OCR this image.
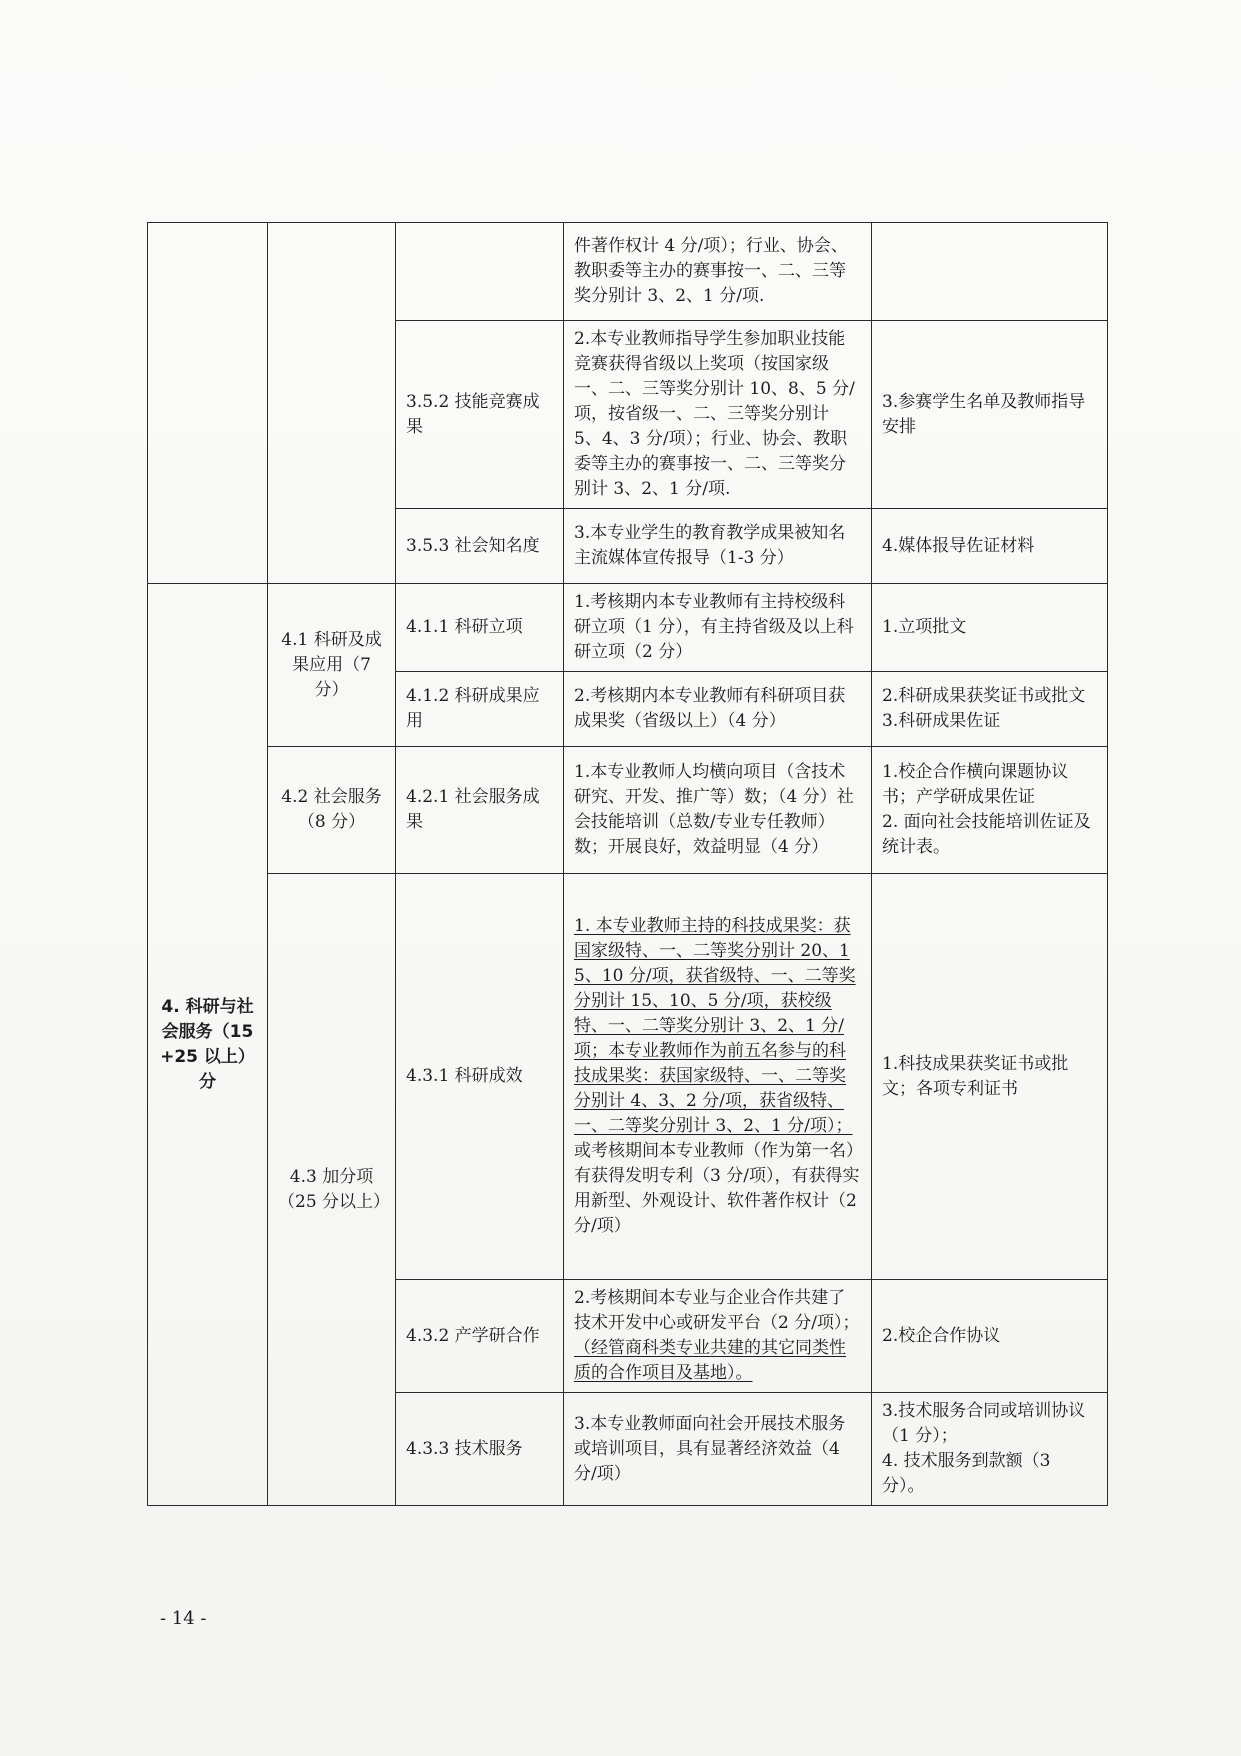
			件著作权计 4 分/项）；行业、协会、教职委等主办的赛事按一、二、三等奖分别计 3、2、1 分/项.	
		3.5.2 技能竞赛成果	2.本专业教师指导学生参加职业技能竞赛获得省级以上奖项（按国家级一、二、三等奖分别计 10、8、5 分/项，按省级一、二、三等奖分别计 5、4、3 分/项）；行业、协会、教职委等主办的赛事按一、二、三等奖分别计 3、2、1 分/项.	3.参赛学生名单及教师指导安排
		3.5.3 社会知名度	3.本专业学生的教育教学成果被知名主流媒体宣传报导（1-3 分）	4.媒体报导佐证材料
4. 科研与社会服务（15+25 以上）分	4.1 科研及成果应用（7 分）	4.1.1 科研立项	1.考核期内本专业教师有主持校级科研立项（1 分），有主持省级及以上科研立项（2 分）	1.立项批文
		4.1.2 科研成果应用	2.考核期内本专业教师有科研项目获成果奖（省级以上）（4 分）	2.科研成果获奖证书或批文
3.科研成果佐证
	4.2 社会服务（8 分）	4.2.1 社会服务成果	1.本专业教师人均横向项目（含技术研究、开发、推广等）数；（4 分）社会技能培训（总数/专业专任教师）数；开展良好，效益明显（4 分）	1.校企合作横向课题协议书；产学研成果佐证
2. 面向社会技能培训佐证及统计表。
	4.3 加分项（25 分以上）	4.3.1 科研成效	1. 本专业教师主持的科技成果奖：获国家级特、一、二等奖分别计 20、15、10 分/项，获省级特、一、二等奖分别计 15、10、5 分/项，获校级特、一、二等奖分别计 3、2、1 分/项；本专业教师作为前五名参与的科技成果奖：获国家级特、一、二等奖分别计 4、3、2 分/项，获省级特、一、二等奖分别计 3、2、1 分/项）；
或考核期间本专业教师（作为第一名）有获得发明专利（3 分/项），有获得实用新型、外观设计、软件著作权计（2 分/项）	1.科技成果获奖证书或批文；各项专利证书
		4.3.2 产学研合作	2.考核期间本专业与企业合作共建了技术开发中心或研发平台（2 分/项）；（经管商科类专业共建的其它同类性质的合作项目及基地）。	2.校企合作协议
		4.3.3 技术服务	3.本专业教师面向社会开展技术服务或培训项目，具有显著经济效益（4 分/项）	3.技术服务合同或培训协议（1 分）；
4. 技术服务到款额（3 分）。
- 14 -
